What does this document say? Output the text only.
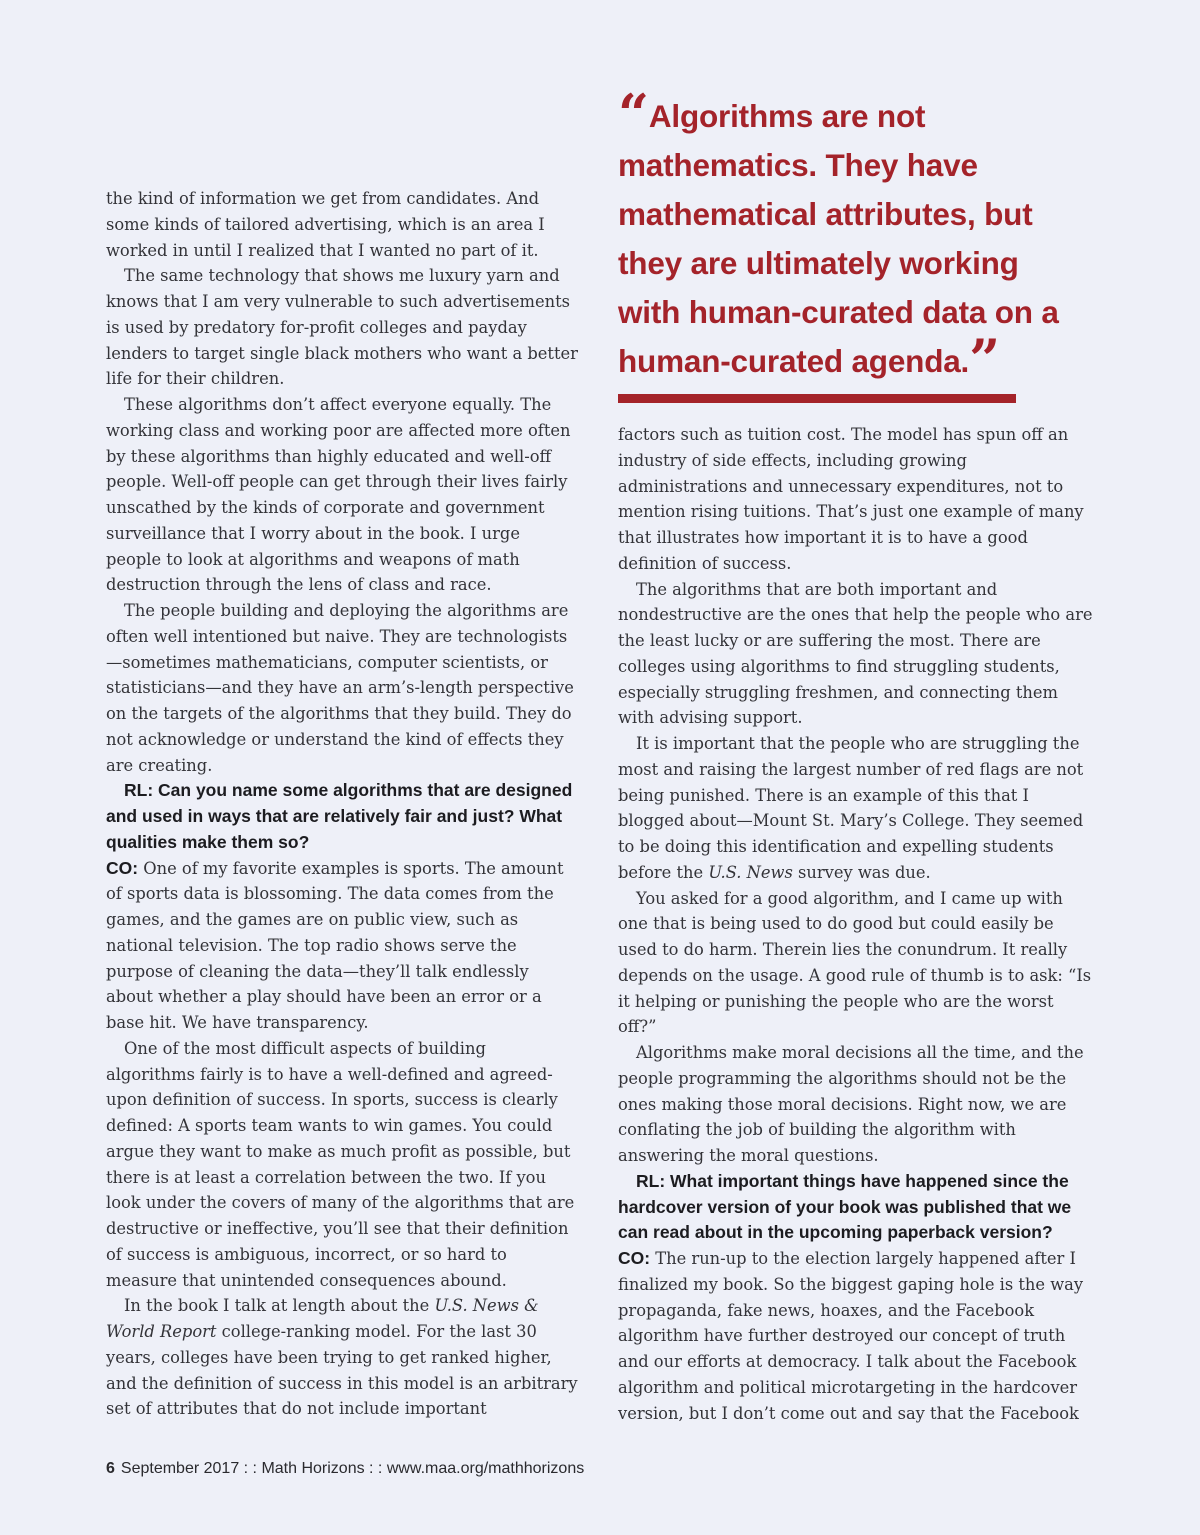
“Algorithms are not mathematics. They have mathematical attributes, but they are ultimately working with human-curated data on a human-curated agenda.”

the kind of information we get from candidates. And some kinds of tailored advertising, which is an area I worked in until I realized that I wanted no part of it.

The same technology that shows me luxury yarn and knows that I am very vulnerable to such advertisements is used by predatory for-profit colleges and payday lenders to target single black mothers who want a better life for their children.

These algorithms don’t affect everyone equally. The working class and working poor are affected more often by these algorithms than highly educated and well-off people. Well-off people can get through their lives fairly unscathed by the kinds of corporate and government surveillance that I worry about in the book. I urge people to look at algorithms and weapons of math destruction through the lens of class and race.

The people building and deploying the algorithms are often well intentioned but naive. They are technologists—sometimes mathematicians, computer scientists, or statisticians—and they have an arm’s-length perspective on the targets of the algorithms that they build. They do not acknowledge or understand the kind of effects they are creating.

RL: Can you name some algorithms that are designed and used in ways that are relatively fair and just? What qualities make them so?

CO: One of my favorite examples is sports. The amount of sports data is blossoming. The data comes from the games, and the games are on public view, such as national television. The top radio shows serve the purpose of cleaning the data—they’ll talk endlessly about whether a play should have been an error or a base hit. We have transparency.

One of the most difficult aspects of building algorithms fairly is to have a well-defined and agreed-upon definition of success. In sports, success is clearly defined: A sports team wants to win games. You could argue they want to make as much profit as possible, but there is at least a correlation between the two. If you look under the covers of many of the algorithms that are destructive or ineffective, you’ll see that their definition of success is ambiguous, incorrect, or so hard to measure that unintended consequences abound.

In the book I talk at length about the U.S. News & World Report college-ranking model. For the last 30 years, colleges have been trying to get ranked higher, and the definition of success in this model is an arbitrary set of attributes that do not include important

factors such as tuition cost. The model has spun off an industry of side effects, including growing administrations and unnecessary expenditures, not to mention rising tuitions. That’s just one example of many that illustrates how important it is to have a good definition of success.

The algorithms that are both important and nondestructive are the ones that help the people who are the least lucky or are suffering the most. There are colleges using algorithms to find struggling students, especially struggling freshmen, and connecting them with advising support.

It is important that the people who are struggling the most and raising the largest number of red flags are not being punished. There is an example of this that I blogged about—Mount St. Mary’s College. They seemed to be doing this identification and expelling students before the U.S. News survey was due.

You asked for a good algorithm, and I came up with one that is being used to do good but could easily be used to do harm. Therein lies the conundrum. It really depends on the usage. A good rule of thumb is to ask: “Is it helping or punishing the people who are the worst off?”

Algorithms make moral decisions all the time, and the people programming the algorithms should not be the ones making those moral decisions. Right now, we are conflating the job of building the algorithm with answering the moral questions.

RL: What important things have happened since the hardcover version of your book was published that we can read about in the upcoming paperback version?

CO: The run-up to the election largely happened after I finalized my book. So the biggest gaping hole is the way propaganda, fake news, hoaxes, and the Facebook algorithm have further destroyed our concept of truth and our efforts at democracy. I talk about the Facebook algorithm and political microtargeting in the hardcover version, but I don’t come out and say that the Facebook

6 September 2017 : : Math Horizons : : www.maa.org/mathhorizons
